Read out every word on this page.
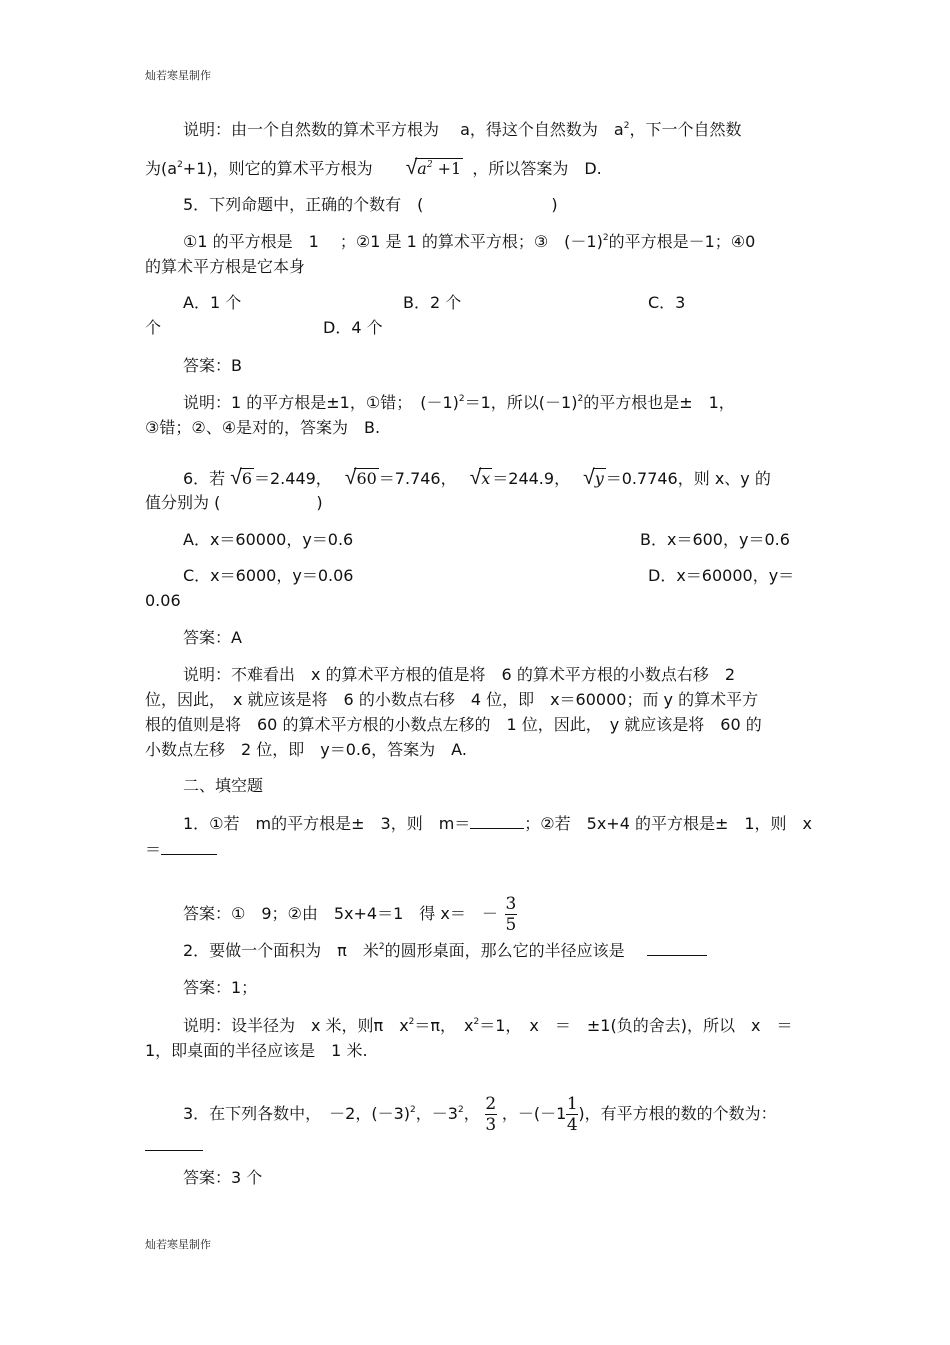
灿若寒星制作
说明：由一个自然数的算术平方根为　 a，得这个自然数为　$a^2$，下一个自然数
为$(a^2+1)$，则它的算术平方根为 $√a^2 +1$ ，所以答案为　D.
5．下列命题中，正确的个数有　(　　　　　　　　)
①1 的平方根是　1　 ；②1 是 1 的算术平方根；③　$(-1)^2$的平方根是－1；④0
的算术平方根是它本身
A．1 个	B．2 个	C．3
个	D．4 个
答案：B
说明：1 的平方根是±1，①错；　$(-1)^2=1$，所以$(-1)^2$的平方根也是±　1，
③错；②、④是对的，答案为　B.
6．若 √6 ＝2.449， √60 ＝7.746， √x ＝244.9， √y ＝0.7746，则 x、y 的
值分别为 (　　　　　　)
A．x＝60000，y＝0.6	B．x＝600，y＝0.6
C．x＝6000，y＝0.06	D．x＝60000，y＝
0.06
答案：A
说明：不难看出　x 的算术平方根的值是将　6 的算术平方根的小数点右移　2
位，因此，　x 就应该是将　6 的小数点右移　4 位，即　x＝60000；而 y 的算术平方
根的值则是将　60 的算术平方根的小数点左移的　1 位，因此，　y 就应该是将　60 的
小数点左移　2 位，即　y＝0.6，答案为　A.
二、填空题
1．①若　m的平方根是±　3，则　m＝	；②若　5x+4 的平方根是±　1，则　x
＝
答案：①　9；②由　5x+4＝1　得 x＝　－ $\frac{3}{5}$
2．要做一个面积为　π　米$^2$的圆形桌面，那么它的半径应该是
答案：1；
说明：设半径为　x 米，则π　$x^2=\pi$，　$x^2=1$，　x　＝　±1(负的舍去)，所以　x　＝
1，即桌面的半径应该是　1 米.
3．在下列各数中，　－2，$(-3)^2$，$-3^2$， $\frac{2}{3}$ ，$-(-1 \frac{1}{4}$ )，有平方根的数的个数为：
答案：3 个
灿若寒星制作
